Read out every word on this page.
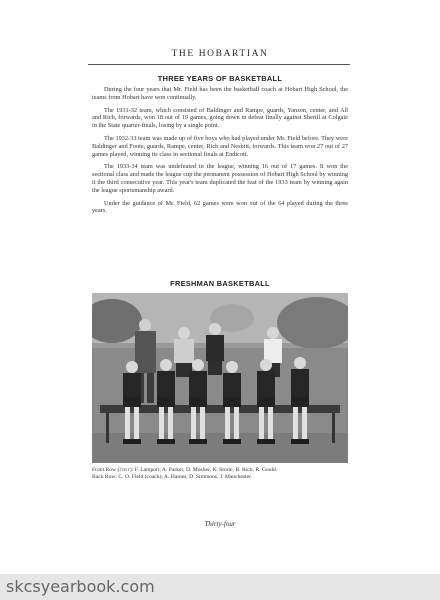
THE HOBARTIAN
THREE YEARS OF BASKETBALL

During the four years that Mr. Field has been the basketball coach at Hobart High School, the teams from Hobart have won continually.

The 1931-32 team, which consisted of Baldinger and Rampe, guards, Yanson, center, and All and Rich, forwards, won 18 out of 19 games, going down in defeat finally against Sherill at Colgate in the State quarter-finals, losing by a single point.

The 1932-33 team was made up of five boys who had played under Mr. Field before. They were Baldinger and Foote, guards, Rampe, center, Rich and Nesbitt, forwards. This team won 27 out of 27 games played, winning its class in sectional finals at Endicott.

The 1933-34 team was undefeated in the league, winning 16 out of 17 games. It won the sectional class and made the league cup the permanent possession of Hobart High School by winning it the third consecutive year. This year's team duplicated the feat of the 1933 team by winning again the league sportsmanship award.

Under the guidance of Mr. Field, 62 games were won out of the 64 played during the three years.

FRESHMAN BASKETBALL
Front Row (l to r): F. Lamport, A. Parker, D. Mosher, K. Storie, B. Rich, R. Gould.
Back Row: C. O. Field (coach), A. Haines, D. Simmons, J. Manchester.
Thirty-four
skcsyearbook.com
